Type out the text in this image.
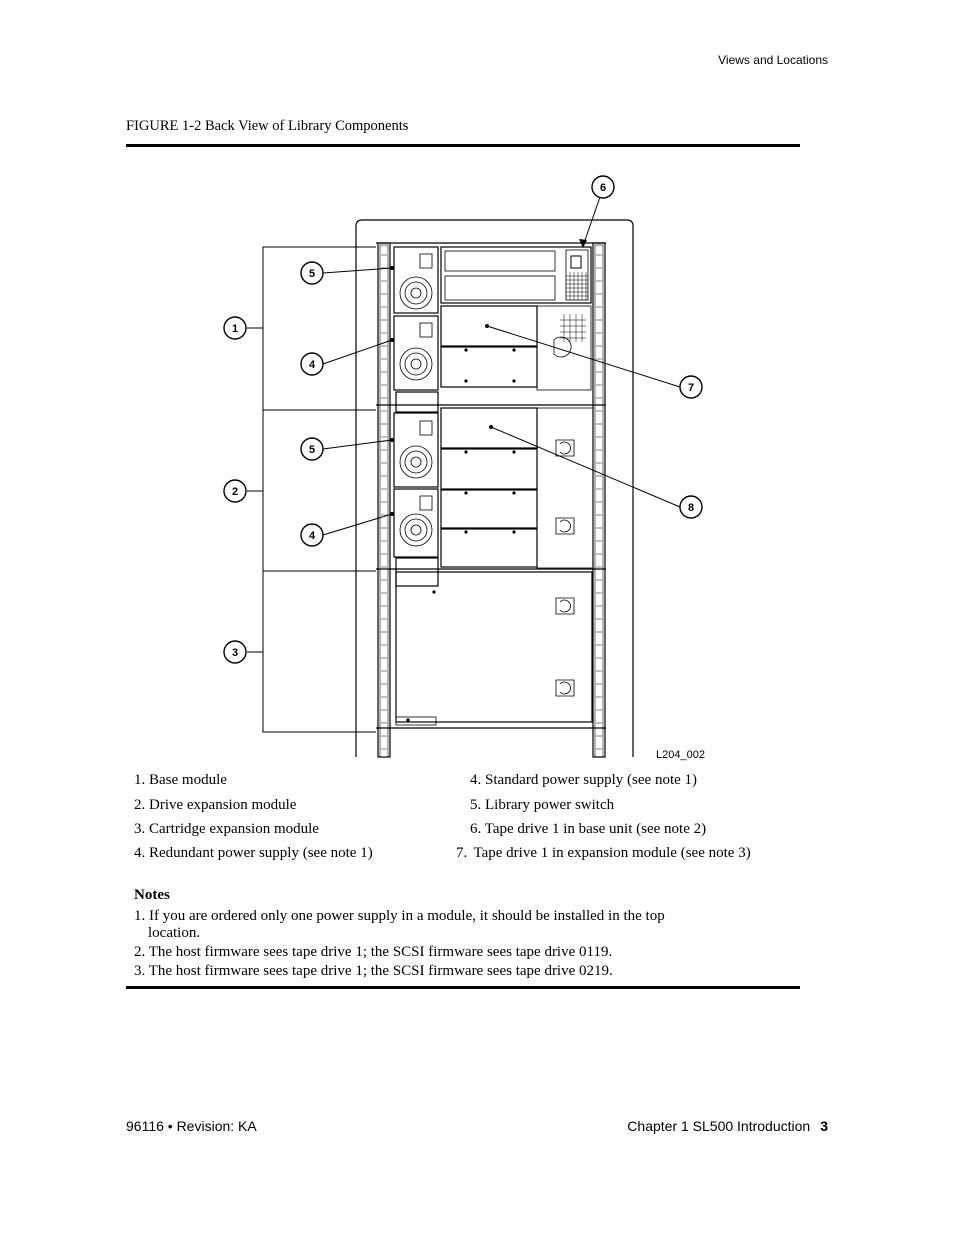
Views and Locations
FIGURE 1-2 Back View of Library Components
1
2
3
4
5
4
5
6
7
8
L204_002
1. Base module
2. Drive expansion module
3. Cartridge expansion module
4. Redundant power supply (see note 1)
4. Standard power supply (see note 1)
5. Library power switch
6. Tape drive 1 in base unit (see note 2)
7. Tape drive 1 in expansion module (see note 3)
Notes
1. If you are ordered only one power supply in a module, it should be installed in the top
location.
2. The host firmware sees tape drive 1; the SCSI firmware sees tape drive 0119.
3. The host firmware sees tape drive 1; the SCSI firmware sees tape drive 0219.
96116 • Revision: KA	Chapter 1 SL500 Introduction 3
